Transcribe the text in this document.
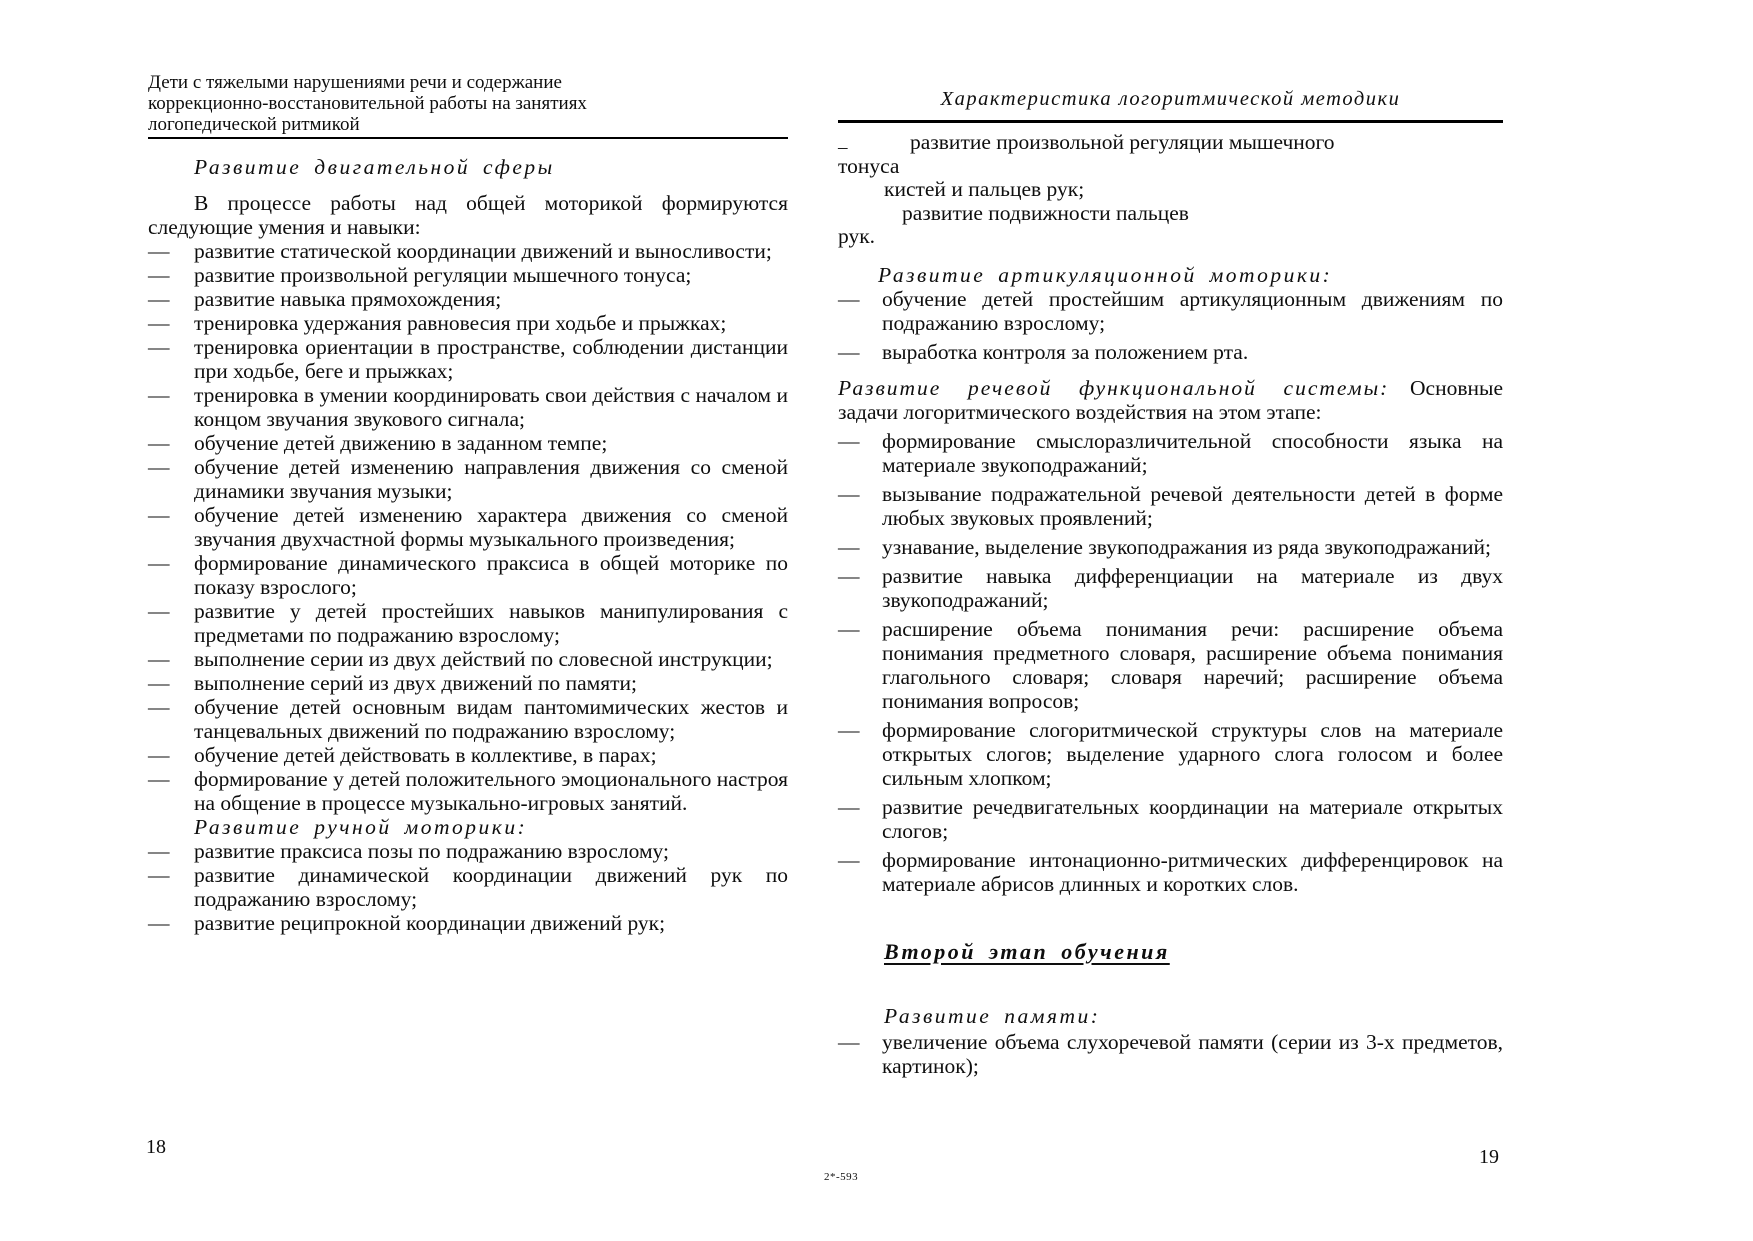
Дети с тяжелыми нарушениями речи и содержание коррекционно-восстановительной работы на занятиях логопедической ритмикой
Развитие двигательной сферы

В процессе работы над общей моторикой формируются следующие умения и навыки:

—	развитие статической координации движений и выносливости;
—	развитие произвольной регуляции мышечного тонуса;
—	развитие навыка прямохождения;
—	тренировка удержания равновесия при ходьбе и прыжках;
—	тренировка ориентации в пространстве, соблюдении дистанции при ходьбе, беге и прыжках;
—	тренировка в умении координировать свои действия с началом и концом звучания звукового сигнала;
—	обучение детей движению в заданном темпе;
—	обучение детей изменению направления движения со сменой динамики звучания музыки;
—	обучение детей изменению характера движения со сменой звучания двухчастной формы музыкального произведения;
—	формирование динамического праксиса в общей моторике по показу взрослого;
—	развитие у детей простейших навыков манипулирования с предметами по подражанию взрослому;
—	выполнение серии из двух действий по словесной инструкции;
—	выполнение серий из двух движений по памяти;
—	обучение детей основным видам пантомимических жестов и танцевальных движений по подражанию взрослому;
—	обучение детей действовать в коллективе, в парах;
—	формирование у детей положительного эмоционального настроя на общение в процессе музыкально-игровых занятий.
Развитие ручной моторики:
—	развитие праксиса позы по подражанию взрослому;
—	развитие динамической координации движений рук по подражанию взрослому;
—	развитие реципрокной координации движений рук;
Характеристика логоритмической методики
–	развитие произвольной регуляции мышечного
тонуса
кистей и пальцев рук;
развитие подвижности пальцев
рук.
Развитие артикуляционной моторики:
—	обучение детей простейшим артикуляционным движениям по подражанию взрослому;
—	выработка контроля за положением рта.

Развитие речевой функциональной системы: Основные задачи логоритмического воздействия на этом этапе:

—	формирование смыслоразличительной способности языка на материале звукоподражаний;
—	вызывание подражательной речевой деятельности детей в форме любых звуковых проявлений;
—	узнавание, выделение звукоподражания из ряда звукоподражаний;
—	развитие навыка дифференциации на материале из двух звукоподражаний;
—	расширение объема понимания речи: расширение объема понимания предметного словаря, расширение объема понимания глагольного словаря; словаря наречий; расширение объема понимания вопросов;
—	формирование слогоритмической структуры слов на материале открытых слогов; выделение ударного слога голосом и более сильным хлопком;
—	развитие речедвигательных координации на материале открытых слогов;
—	формирование интонационно-ритмических дифференцировок на материале абрисов длинных и коротких слов.
Второй этап обучения
Развитие памяти:
—	увеличение объема слухоречевой памяти (серии из 3-х предметов, картинок);
18	19
2*-593
